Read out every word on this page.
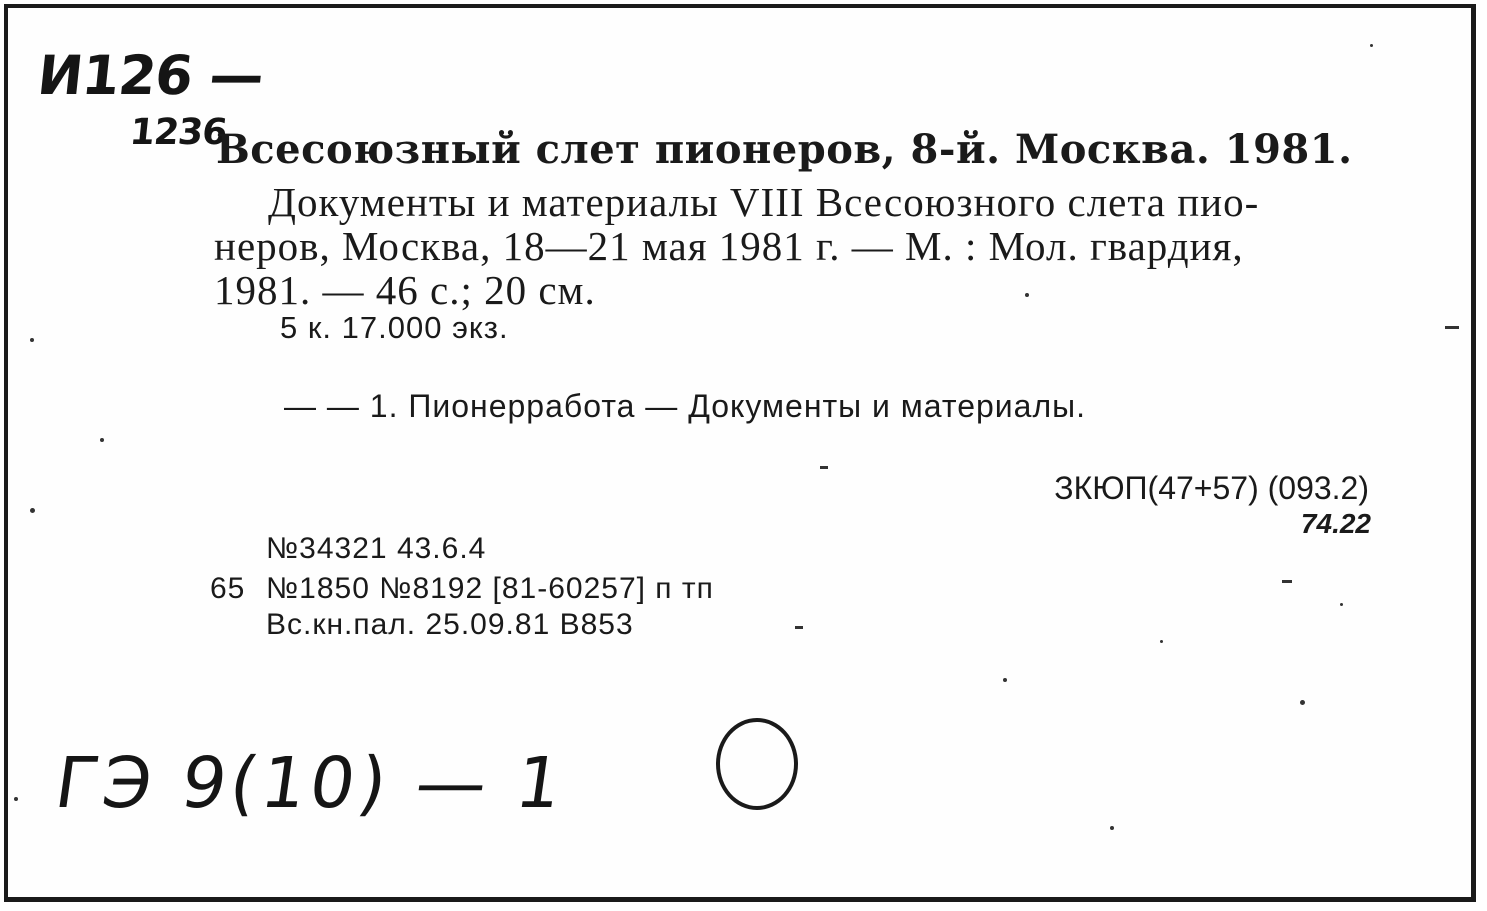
И126 —
1236
Всесоюзный слет пионеров, 8-й. Москва. 1981.
Документы и материалы VIII Всесоюзного слета пио-
неров, Москва, 18—21 мая 1981 г. — М. : Мол. гвардия,
1981. — 46 с.; 20 см.
5 к. 17.000 экз.
— — 1. Пионерработа — Документы и материалы.
ЗКЮП(47+57) (093.2)
74.22
№34321 43.6.4
65 №1850 №8192 [81-60257] п тп
Вс.кн.пал. 25.09.81 В853
ГЭ 9(10) — 1
